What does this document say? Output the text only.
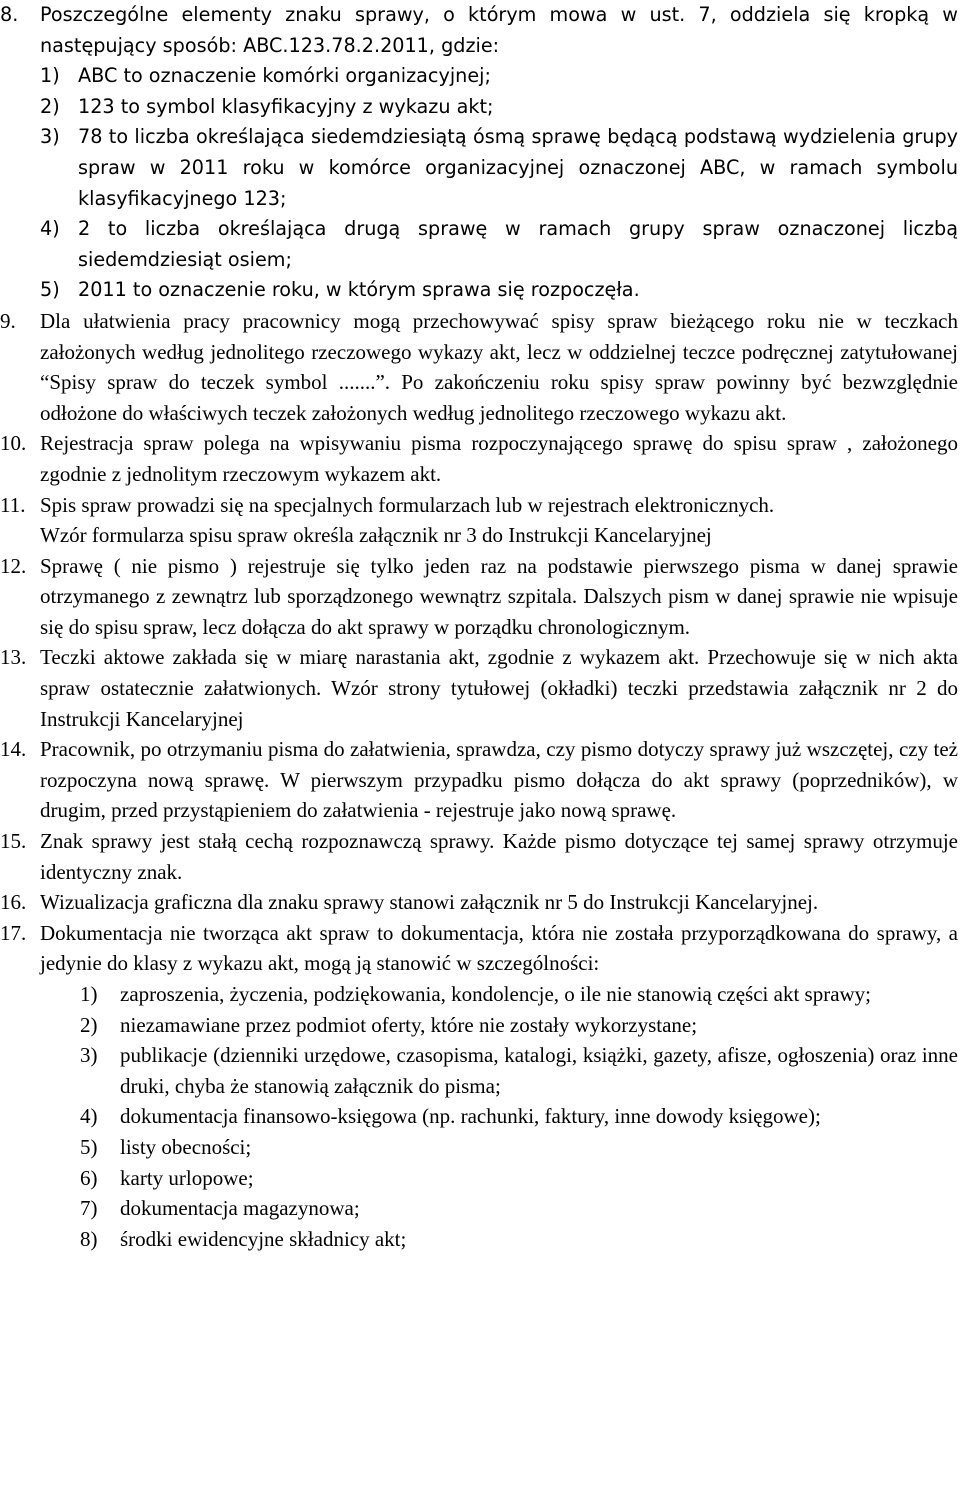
8. Poszczególne elementy znaku sprawy, o którym mowa w ust. 7, oddziela się kropką w następujący sposób: ABC.123.78.2.2011, gdzie:

1) ABC to oznaczenie komórki organizacyjnej;

2) 123 to symbol klasyfikacyjny z wykazu akt;

3) 78 to liczba określająca siedemdziesiątą ósmą sprawę będącą podstawą wydzielenia grupy spraw w 2011 roku w komórce organizacyjnej oznaczonej ABC, w ramach symbolu klasyfikacyjnego 123;

4) 2 to liczba określająca drugą sprawę w ramach grupy spraw oznaczonej liczbą siedemdziesiąt osiem;

5) 2011 to oznaczenie roku, w którym sprawa się rozpoczęła.

9. Dla ułatwienia pracy pracownicy mogą przechowywać spisy spraw bieżącego roku nie w teczkach założonych według jednolitego rzeczowego wykazy akt, lecz w oddzielnej teczce podręcznej zatytułowanej “Spisy spraw do teczek symbol .......”. Po zakończeniu roku spisy spraw powinny być bezwzględnie odłożone do właściwych teczek założonych według jednolitego rzeczowego wykazu akt.

10. Rejestracja spraw polega na wpisywaniu pisma rozpoczynającego sprawę do spisu spraw , założonego zgodnie z jednolitym rzeczowym wykazem akt.

11. Spis spraw prowadzi się na specjalnych formularzach lub w rejestrach elektronicznych.

Wzór formularza spisu spraw określa załącznik nr 3 do Instrukcji Kancelaryjnej

12. Sprawę ( nie pismo ) rejestruje się tylko jeden raz na podstawie pierwszego pisma w danej sprawie otrzymanego z zewnątrz lub sporządzonego wewnątrz szpitala. Dalszych pism w danej sprawie nie wpisuje się do spisu spraw, lecz dołącza do akt sprawy w porządku chronologicznym.

13. Teczki aktowe zakłada się w miarę narastania akt, zgodnie z wykazem akt. Przechowuje się w nich akta spraw ostatecznie załatwionych. Wzór strony tytułowej (okładki) teczki przedstawia załącznik nr 2 do Instrukcji Kancelaryjnej

14. Pracownik, po otrzymaniu pisma do załatwienia, sprawdza, czy pismo dotyczy sprawy już wszczętej, czy też rozpoczyna nową sprawę. W pierwszym przypadku pismo dołącza do akt sprawy (poprzedników), w drugim, przed przystąpieniem do załatwienia - rejestruje jako nową sprawę.

15. Znak sprawy jest stałą cechą rozpoznawczą sprawy. Każde pismo dotyczące tej samej sprawy otrzymuje identyczny znak.

16. Wizualizacja graficzna dla znaku sprawy stanowi załącznik nr 5 do Instrukcji Kancelaryjnej.

17. Dokumentacja nie tworząca akt spraw to dokumentacja, która nie została przyporządkowana do sprawy, a jedynie do klasy z wykazu akt, mogą ją stanowić w szczególności:

1) zaproszenia, życzenia, podziękowania, kondolencje, o ile nie stanowią części akt sprawy;

2) niezamawiane przez podmiot oferty, które nie zostały wykorzystane;

3) publikacje (dzienniki urzędowe, czasopisma, katalogi, książki, gazety, afisze, ogłoszenia) oraz inne druki, chyba że stanowią załącznik do pisma;

4) dokumentacja finansowo-księgowa (np. rachunki, faktury, inne dowody księgowe);

5) listy obecności;

6) karty urlopowe;

7) dokumentacja magazynowa;

8) środki ewidencyjne składnicy akt;
